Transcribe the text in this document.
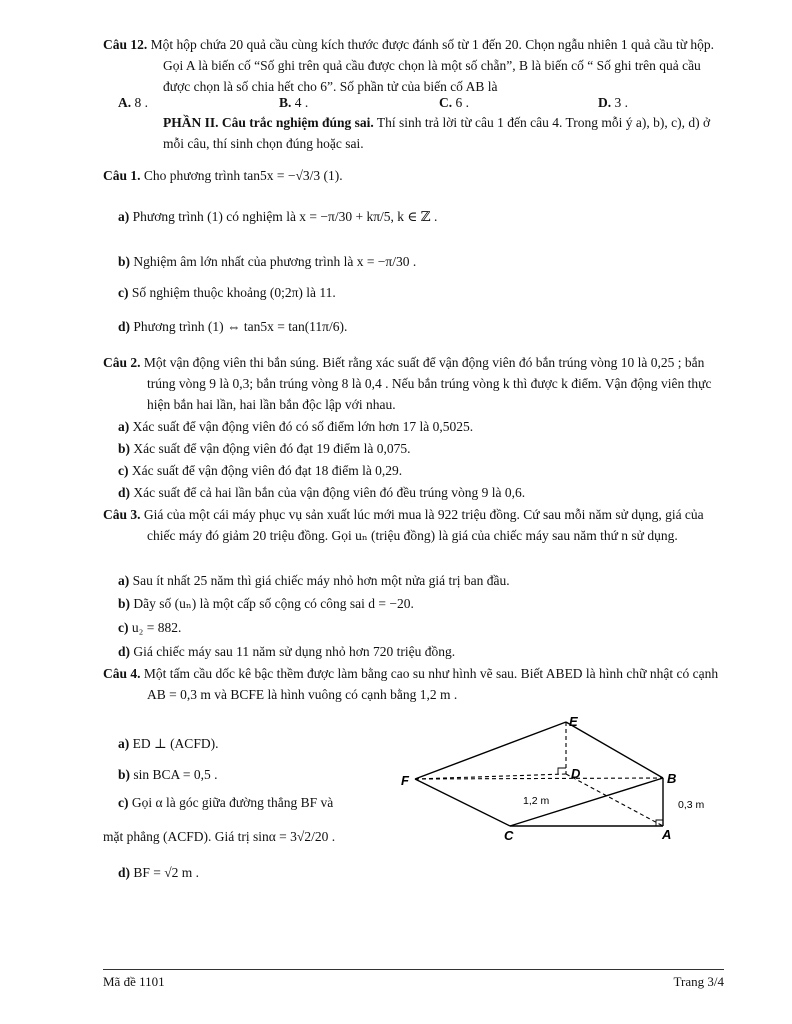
Câu 12. Một hộp chứa 20 quả cầu cùng kích thước được đánh số từ 1 đến 20. Chọn ngẫu nhiên 1 quả cầu từ hộp. Gọi A là biến cố “Số ghi trên quả cầu được chọn là một số chẵn”, B là biến cố “ Số ghi trên quả cầu được chọn là số chia hết cho 6”. Số phần tử của biến cố AB là
A. 8 .	B. 4 .	C. 6 .	D. 3 .
PHẦN II. Câu trắc nghiệm đúng sai. Thí sinh trả lời từ câu 1 đến câu 4. Trong mỗi ý a), b), c), d) ở mỗi câu, thí sinh chọn đúng hoặc sai.
Câu 1. Cho phương trình tan5x = −√3/3 (1).
a) Phương trình (1) có nghiệm là x = −π/30 + kπ/5, k ∈ ℤ .
b) Nghiệm âm lớn nhất của phương trình là x = −π/30 .
c) Số nghiệm thuộc khoảng (0;2π) là 11.
d) Phương trình (1) ⇔ tan5x = tan(11π/6).
Câu 2. Một vận động viên thi bắn súng. Biết rằng xác suất để vận động viên đó bắn trúng vòng 10 là 0,25 ; bắn trúng vòng 9 là 0,3; bắn trúng vòng 8 là 0,4 . Nếu bắn trúng vòng k thì được k điểm. Vận động viên thực hiện bắn hai lần, hai lần bắn độc lập với nhau.
a) Xác suất để vận động viên đó có số điểm lớn hơn 17 là 0,5025.
b) Xác suất để vận động viên đó đạt 19 điểm là 0,075.
c) Xác suất để vận động viên đó đạt 18 điểm là 0,29.
d) Xác suất để cả hai lần bắn của vận động viên đó đều trúng vòng 9 là 0,6.
Câu 3. Giá của một cái máy phục vụ sản xuất lúc mới mua là 922 triệu đồng. Cứ sau mỗi năm sử dụng, giá của chiếc máy đó giảm 20 triệu đồng. Gọi uₙ (triệu đồng) là giá của chiếc máy sau năm thứ n sử dụng.
a) Sau ít nhất 25 năm thì giá chiếc máy nhỏ hơn một nửa giá trị ban đầu.
b) Dãy số (uₙ) là một cấp số cộng có công sai d = −20.
c) u₂ = 882.
d) Giá chiếc máy sau 11 năm sử dụng nhỏ hơn 720 triệu đồng.
Câu 4. Một tấm cầu dốc kê bậc thềm được làm bằng cao su như hình vẽ sau. Biết ABED là hình chữ nhật có cạnh AB = 0,3 m và BCFE là hình vuông có cạnh bằng 1,2 m .
a) ED ⊥ (ACFD).
b) sin BCA = 0,5 .
c) Gọi α là góc giữa đường thẳng BF và
mặt phẳng (ACFD). Giá trị sinα = 3√2/20 .
d) BF = √2 m .
E
D
F	B
C	A
1,2 m	0,3 m
Mã đề 1101	Trang 3/4
